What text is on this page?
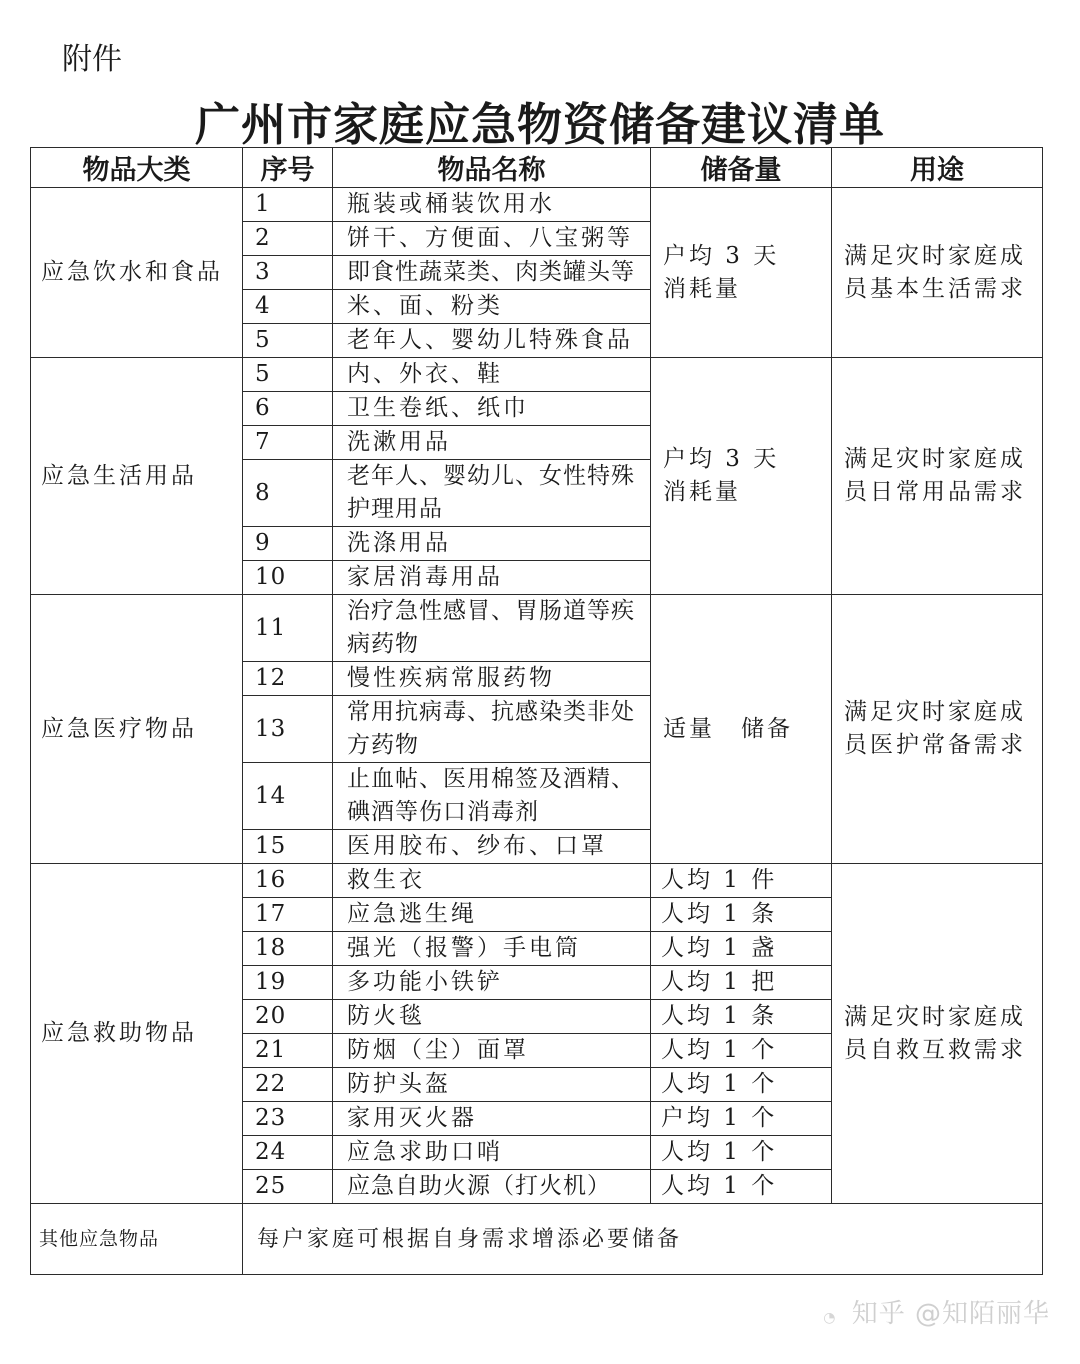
附件
广州市家庭应急物资储备建议清单
物品大类	序号	物品名称	储备量	用途
应急饮水和食品	1	瓶装或桶装饮用水	户均 3 天　消耗量	满足灾时家庭成员基本生活需求
	2	饼干、方便面、八宝粥等		
	3	即食性蔬菜类、肉类罐头等		
	4	米、面、粉类		
	5	老年人、婴幼儿特殊食品		
应急生活用品	5	内、外衣、鞋	户均 3 天　消耗量	满足灾时家庭成员日常用品需求
	6	卫生卷纸、纸巾		
	7	洗漱用品		
	8	老年人、婴幼儿、女性特殊护理用品		
	9	洗涤用品		
	10	家居消毒用品		
应急医疗物品	11	治疗急性感冒、胃肠道等疾病药物	适量　储备	满足灾时家庭成员医护常备需求
	12	慢性疾病常服药物		
	13	常用抗病毒、抗感染类非处方药物		
	14	止血帖、医用棉签及酒精、碘酒等伤口消毒剂		
	15	医用胶布、纱布、口罩		
应急救助物品	16	救生衣	人均 1 件	满足灾时家庭成员自救互救需求
	17	应急逃生绳	人均 1 条	
	18	强光（报警）手电筒	人均 1 盏	
	19	多功能小铁铲	人均 1 把	
	20	防火毯	人均 1 条	
	21	防烟（尘）面罩	人均 1 个	
	22	防护头盔	人均 1 个	
	23	家用灭火器	户均 1 个	
	24	应急求助口哨	人均 1 个	
	25	应急自助火源（打火机）	人均 1 个	
其他应急物品	每户家庭可根据自身需求增添必要储备			
◔ 知乎 @知陌丽华
